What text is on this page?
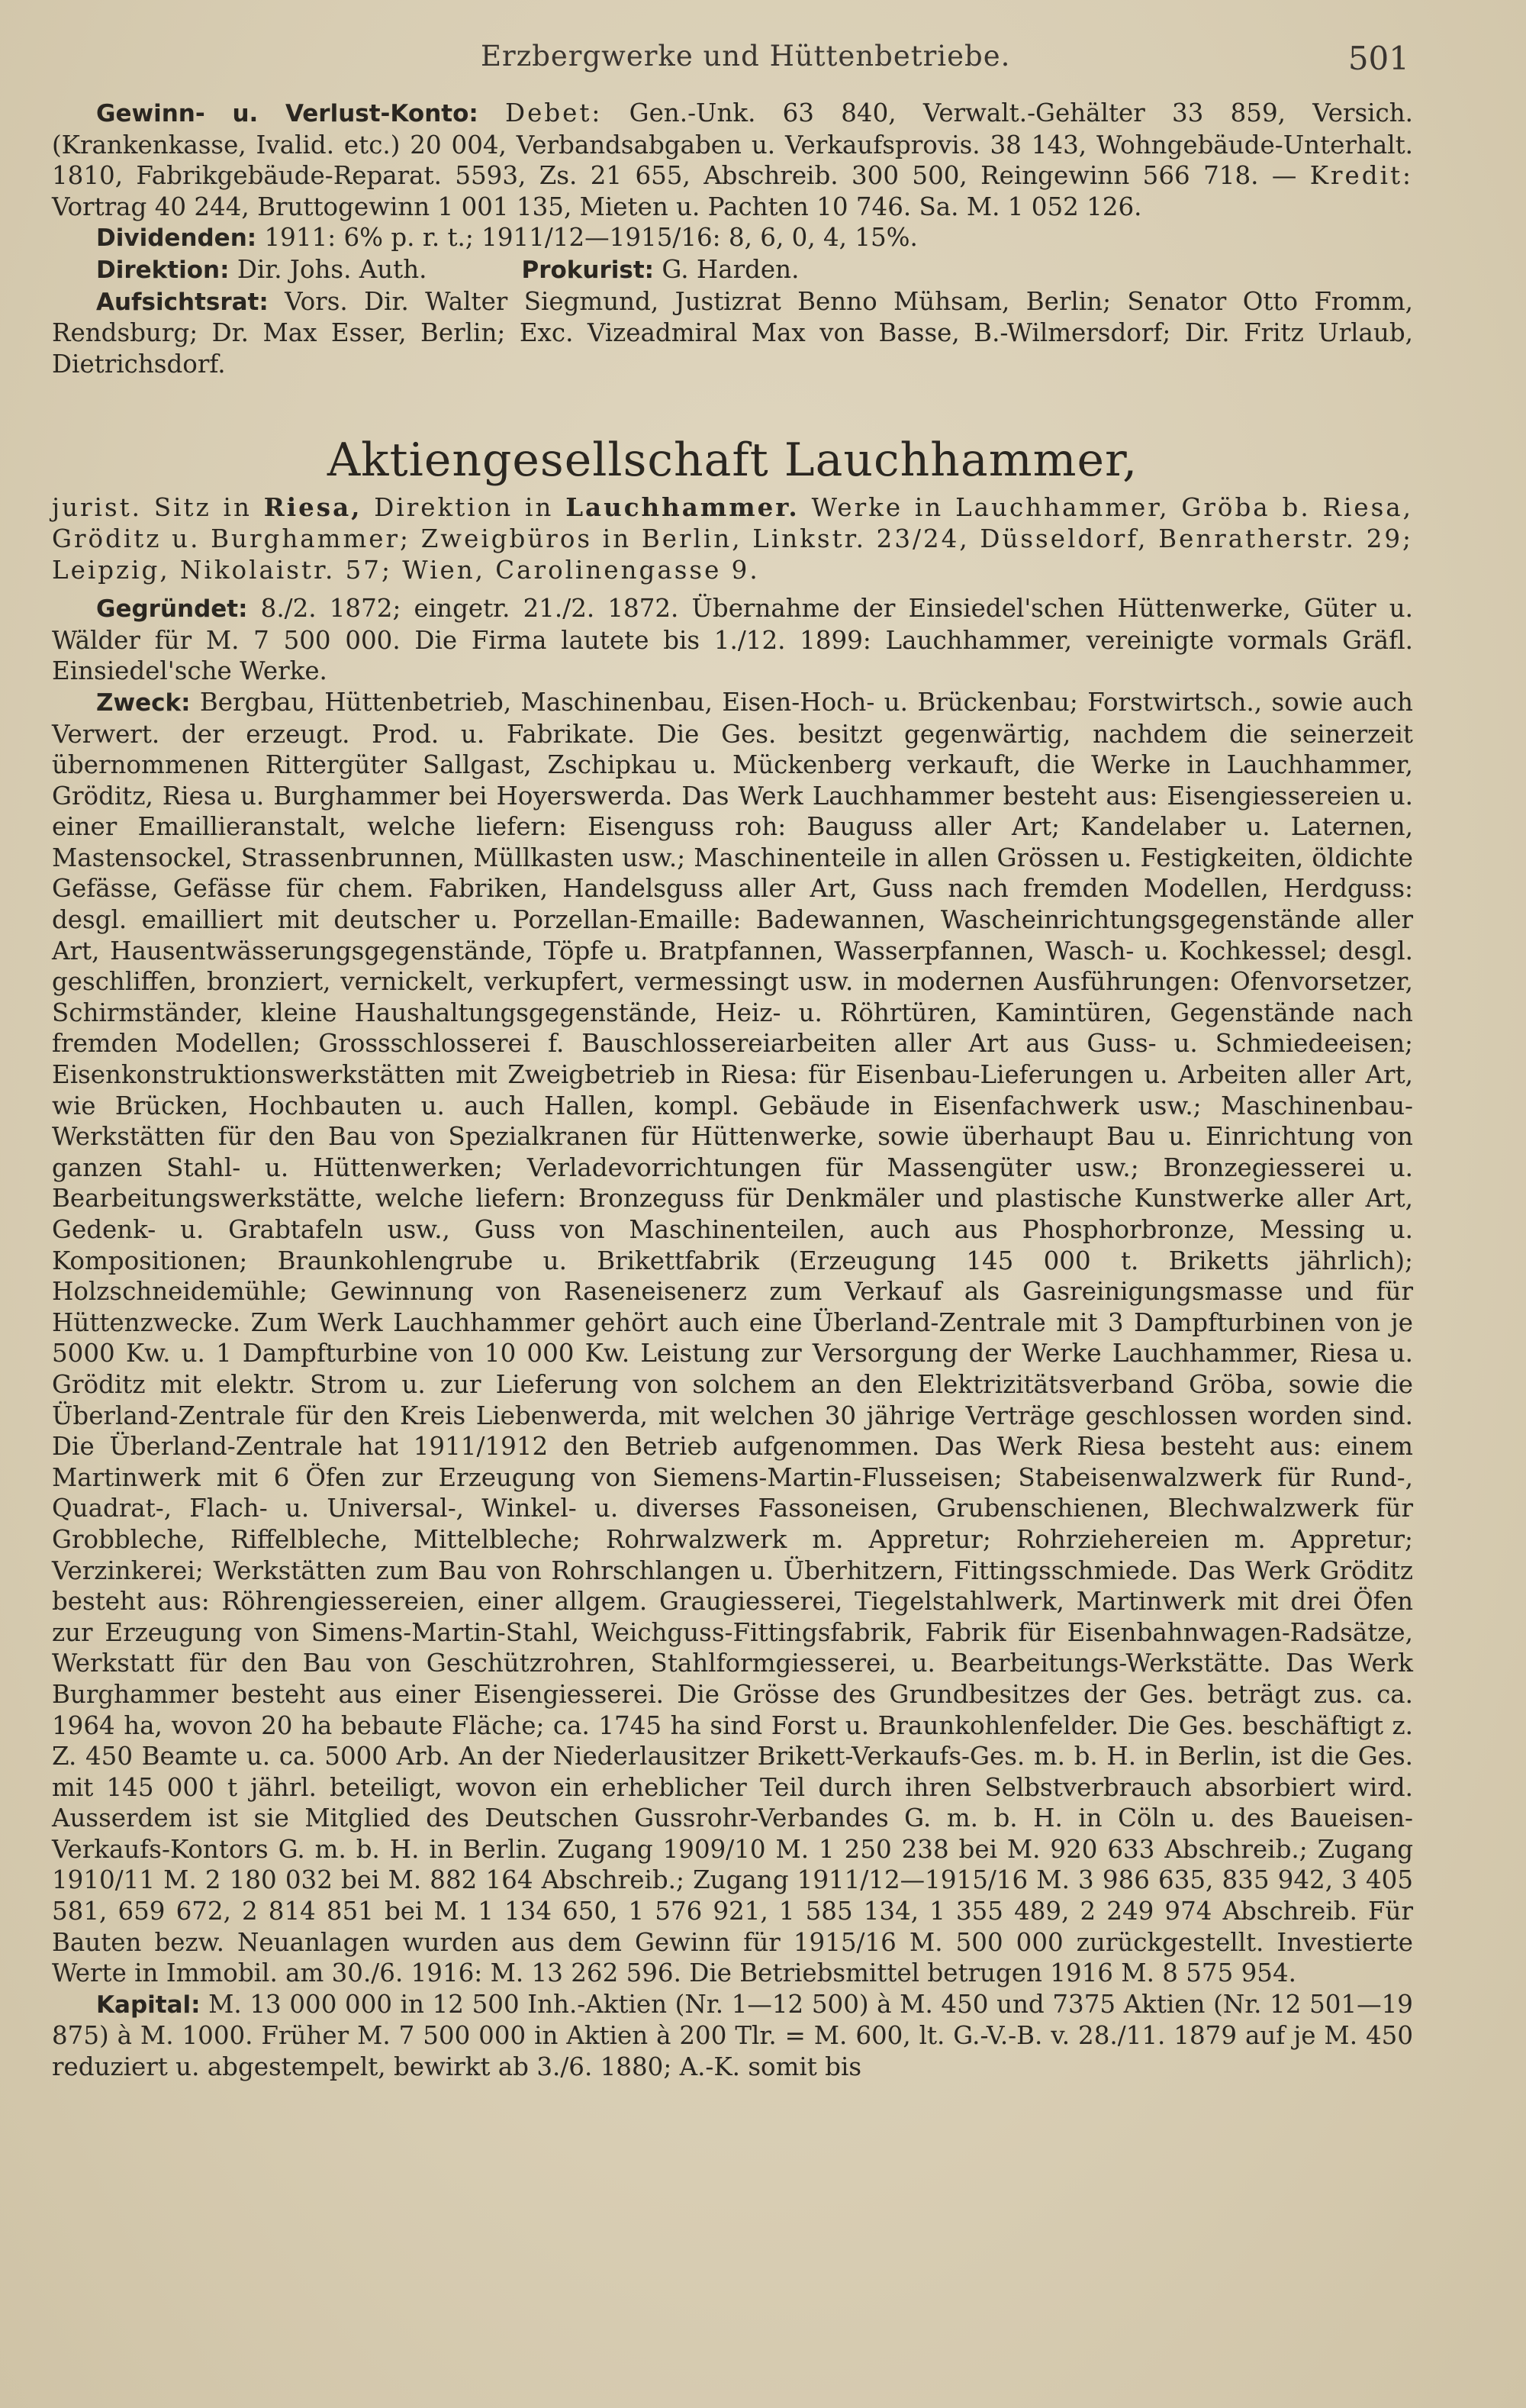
Erzbergwerke und Hüttenbetriebe.	501

Gewinn- u. Verlust-Konto: Debet: Gen.-Unk. 63 840, Verwalt.-Gehälter 33 859, Versich. (Krankenkasse, Ivalid. etc.) 20 004, Verbandsabgaben u. Verkaufsprovis. 38 143, Wohngebäude-Unterhalt. 1810, Fabrikgebäude-Reparat. 5593, Zs. 21 655, Abschreib. 300 500, Reingewinn 566 718. — Kredit: Vortrag 40 244, Bruttogewinn 1 001 135, Mieten u. Pachten 10 746. Sa. M. 1 052 126.

Dividenden: 1911: 6% p. r. t.; 1911/12—1915/16: 8, 6, 0, 4, 15%.

Direktion: Dir. Johs. Auth.	Prokurist: G. Harden.

Aufsichtsrat: Vors. Dir. Walter Siegmund, Justizrat Benno Mühsam, Berlin; Senator Otto Fromm, Rendsburg; Dr. Max Esser, Berlin; Exc. Vizeadmiral Max von Basse, B.-Wilmersdorf; Dir. Fritz Urlaub, Dietrichsdorf.

Aktiengesellschaft Lauchhammer,

jurist. Sitz in Riesa, Direktion in Lauchhammer. Werke in Lauchhammer, Gröba b. Riesa, Gröditz u. Burghammer; Zweigbüros in Berlin, Linkstr. 23/24, Düsseldorf, Benratherstr. 29; Leipzig, Nikolaistr. 57; Wien, Carolinengasse 9.

Gegründet: 8./2. 1872; eingetr. 21./2. 1872. Übernahme der Einsiedel'schen Hüttenwerke, Güter u. Wälder für M. 7 500 000. Die Firma lautete bis 1./12. 1899: Lauchhammer, vereinigte vormals Gräfl. Einsiedel'sche Werke.

Zweck: Bergbau, Hüttenbetrieb, Maschinenbau, Eisen-Hoch- u. Brückenbau; Forstwirtsch., sowie auch Verwert. der erzeugt. Prod. u. Fabrikate. Die Ges. besitzt gegenwärtig, nachdem die seinerzeit übernommenen Rittergüter Sallgast, Zschipkau u. Mückenberg verkauft, die Werke in Lauchhammer, Gröditz, Riesa u. Burghammer bei Hoyerswerda. Das Werk Lauchhammer besteht aus: Eisengiessereien u. einer Emaillieranstalt, welche liefern: Eisenguss roh: Bauguss aller Art; Kandelaber u. Laternen, Mastensockel, Strassenbrunnen, Müllkasten usw.; Maschinenteile in allen Grössen u. Festigkeiten, öldichte Gefässe, Gefässe für chem. Fabriken, Handelsguss aller Art, Guss nach fremden Modellen, Herdguss: desgl. emailliert mit deutscher u. Porzellan-Emaille: Badewannen, Wascheinrichtungsgegenstände aller Art, Hausentwässerungsgegenstände, Töpfe u. Bratpfannen, Wasserpfannen, Wasch- u. Kochkessel; desgl. geschliffen, bronziert, vernickelt, verkupfert, vermessingt usw. in modernen Ausführungen: Ofenvorsetzer, Schirmständer, kleine Haushaltungsgegenstände, Heiz- u. Röhrtüren, Kamintüren, Gegenstände nach fremden Modellen; Grossschlosserei f. Bauschlossereiarbeiten aller Art aus Guss- u. Schmiedeeisen; Eisenkonstruktionswerkstätten mit Zweigbetrieb in Riesa: für Eisenbau-Lieferungen u. Arbeiten aller Art, wie Brücken, Hochbauten u. auch Hallen, kompl. Gebäude in Eisenfachwerk usw.; Maschinenbau-Werkstätten für den Bau von Spezialkranen für Hüttenwerke, sowie überhaupt Bau u. Einrichtung von ganzen Stahl- u. Hüttenwerken; Verladevorrichtungen für Massengüter usw.; Bronzegiesserei u. Bearbeitungswerkstätte, welche liefern: Bronzeguss für Denkmäler und plastische Kunstwerke aller Art, Gedenk- u. Grabtafeln usw., Guss von Maschinenteilen, auch aus Phosphorbronze, Messing u. Kompositionen; Braunkohlengrube u. Brikettfabrik (Erzeugung 145 000 t. Briketts jährlich); Holzschneidemühle; Gewinnung von Raseneisenerz zum Verkauf als Gasreinigungsmasse und für Hüttenzwecke. Zum Werk Lauchhammer gehört auch eine Überland-Zentrale mit 3 Dampfturbinen von je 5000 Kw. u. 1 Dampfturbine von 10 000 Kw. Leistung zur Versorgung der Werke Lauchhammer, Riesa u. Gröditz mit elektr. Strom u. zur Lieferung von solchem an den Elektrizitätsverband Gröba, sowie die Überland-Zentrale für den Kreis Liebenwerda, mit welchen 30 jährige Verträge geschlossen worden sind. Die Überland-Zentrale hat 1911/1912 den Betrieb aufgenommen. Das Werk Riesa besteht aus: einem Martinwerk mit 6 Öfen zur Erzeugung von Siemens-Martin-Flusseisen; Stabeisenwalzwerk für Rund-, Quadrat-, Flach- u. Universal-, Winkel- u. diverses Fassoneisen, Grubenschienen, Blechwalzwerk für Grobbleche, Riffelbleche, Mittelbleche; Rohrwalzwerk m. Appretur; Rohrziehereien m. Appretur; Verzinkerei; Werkstätten zum Bau von Rohrschlangen u. Überhitzern, Fittingsschmiede. Das Werk Gröditz besteht aus: Röhrengiessereien, einer allgem. Graugiesserei, Tiegelstahlwerk, Martinwerk mit drei Öfen zur Erzeugung von Simens-Martin-Stahl, Weichguss-Fittingsfabrik, Fabrik für Eisenbahnwagen-Radsätze, Werkstatt für den Bau von Geschützrohren, Stahlformgiesserei, u. Bearbeitungs-Werkstätte. Das Werk Burghammer besteht aus einer Eisengiesserei. Die Grösse des Grundbesitzes der Ges. beträgt zus. ca. 1964 ha, wovon 20 ha bebaute Fläche; ca. 1745 ha sind Forst u. Braunkohlenfelder. Die Ges. beschäftigt z. Z. 450 Beamte u. ca. 5000 Arb. An der Niederlausitzer Brikett-Verkaufs-Ges. m. b. H. in Berlin, ist die Ges. mit 145 000 t jährl. beteiligt, wovon ein erheblicher Teil durch ihren Selbstverbrauch absorbiert wird. Ausserdem ist sie Mitglied des Deutschen Gussrohr-Verbandes G. m. b. H. in Cöln u. des Baueisen-Verkaufs-Kontors G. m. b. H. in Berlin. Zugang 1909/10 M. 1 250 238 bei M. 920 633 Abschreib.; Zugang 1910/11 M. 2 180 032 bei M. 882 164 Abschreib.; Zugang 1911/12—1915/16 M. 3 986 635, 835 942, 3 405 581, 659 672, 2 814 851 bei M. 1 134 650, 1 576 921, 1 585 134, 1 355 489, 2 249 974 Abschreib. Für Bauten bezw. Neuanlagen wurden aus dem Gewinn für 1915/16 M. 500 000 zurückgestellt. Investierte Werte in Immobil. am 30./6. 1916: M. 13 262 596. Die Betriebsmittel betrugen 1916 M. 8 575 954.

Kapital: M. 13 000 000 in 12 500 Inh.-Aktien (Nr. 1—12 500) à M. 450 und 7375 Aktien (Nr. 12 501—19 875) à M. 1000. Früher M. 7 500 000 in Aktien à 200 Tlr. = M. 600, lt. G.-V.-B. v. 28./11. 1879 auf je M. 450 reduziert u. abgestempelt, bewirkt ab 3./6. 1880; A.-K. somit bis
